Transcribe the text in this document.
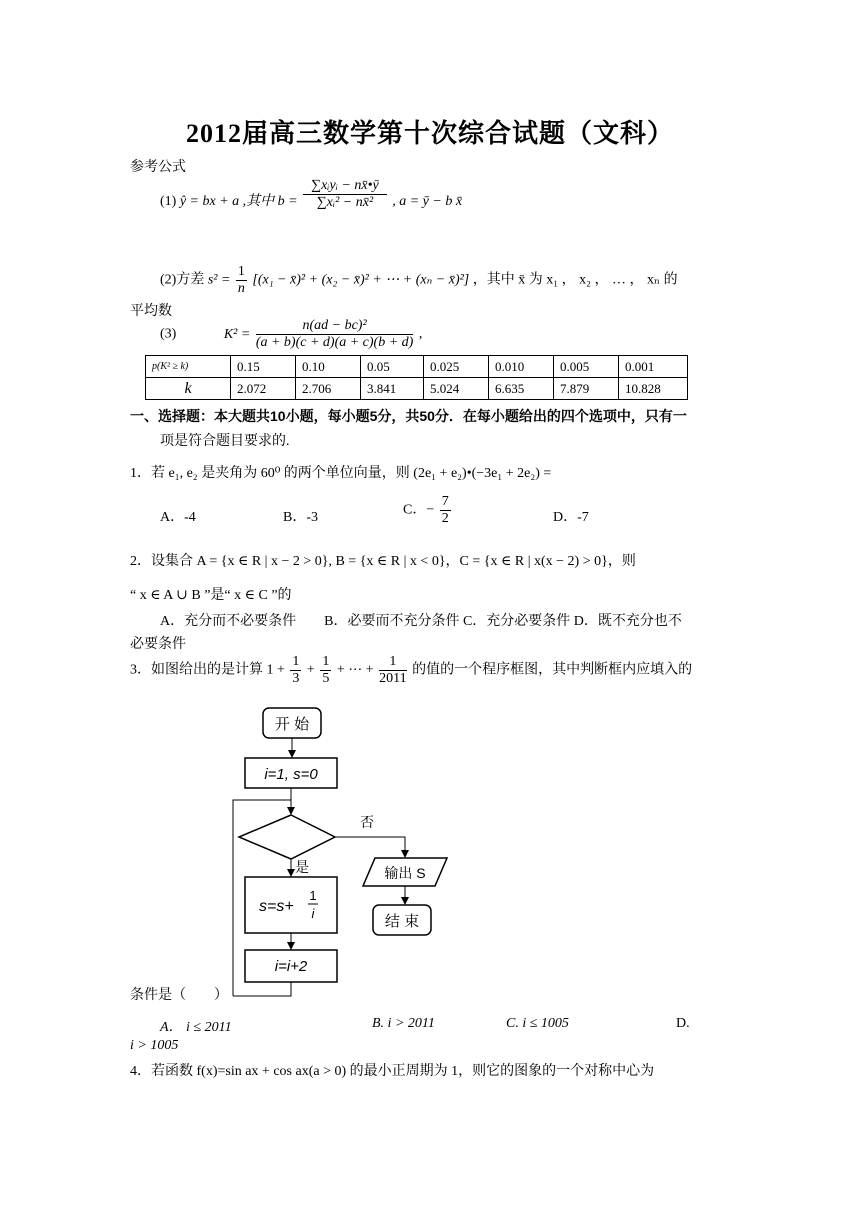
2012届高三数学第十次综合试题（文科）
参考公式
(1) ŷ = bx + a ,其中 $b = \frac{\text{∑xᵢyᵢ − nx̄•ȳ}}{\text{∑xᵢ² − nx̄²}}$ , a = ȳ − b x̄
(2)方差 $s^2 = \frac{1}{n} [(x_1$ − x̄)² + (x₂ − x̄)² + ⋯ + (xₙ − x̄)²] ，其中 x̄ 为 x₁ ， x₂ ， … ， xₙ 的
平均数
(3)	$K^2 = \frac{\text{n(ad − bc)²}}{(a + b)(c + d)(a + c)(b + d)}$ ,
p(K² ≥ k)	0.15	0.10	0.05	0.025	0.010	0.005	0.001
k	2.072	2.706	3.841	5.024	6.635	7.879	10.828
一、选择题：本大题共10小题，每小题5分，共50分．在每小题给出的四个选项中，只有一
项是符合题目要求的.
1．若 e₁, e₂ 是夹角为 60⁰ 的两个单位向量，则 (2e₁ + e₂)•(−3e₁ + 2e₂) =
A．-4	B．-3	C．− $\frac{7}{2}$	D．-7
2．设集合 A = {x ∈ R | x − 2 > 0}, B = {x ∈ R | x < 0}，C = {x ∈ R | x(x − 2) > 0}，则
“ x ∈ A ∪ B ”是“ x ∈ C ”的
A．充分而不必要条件　　B．必要而不充分条件 C．充分必要条件 D．既不充分也不
必要条件
3．如图给出的是计算 $1 + \frac{1}{3} + \frac{1}{5}$ + ⋯ + $\frac{1}{2011}$ 的值的一个程序框图，其中判断框内应填入的
开 始
i=1, s=0
否
输出 S
结 束
是
s=s+
1
i
i=i+2
条件是（　　）
A． i ≤ 2011	B. i > 2011	C. i ≤ 1005	D.
i > 1005
4．若函数 f(x)=sin ax + cos ax(a > 0) 的最小正周期为 1，则它的图象的一个对称中心为
